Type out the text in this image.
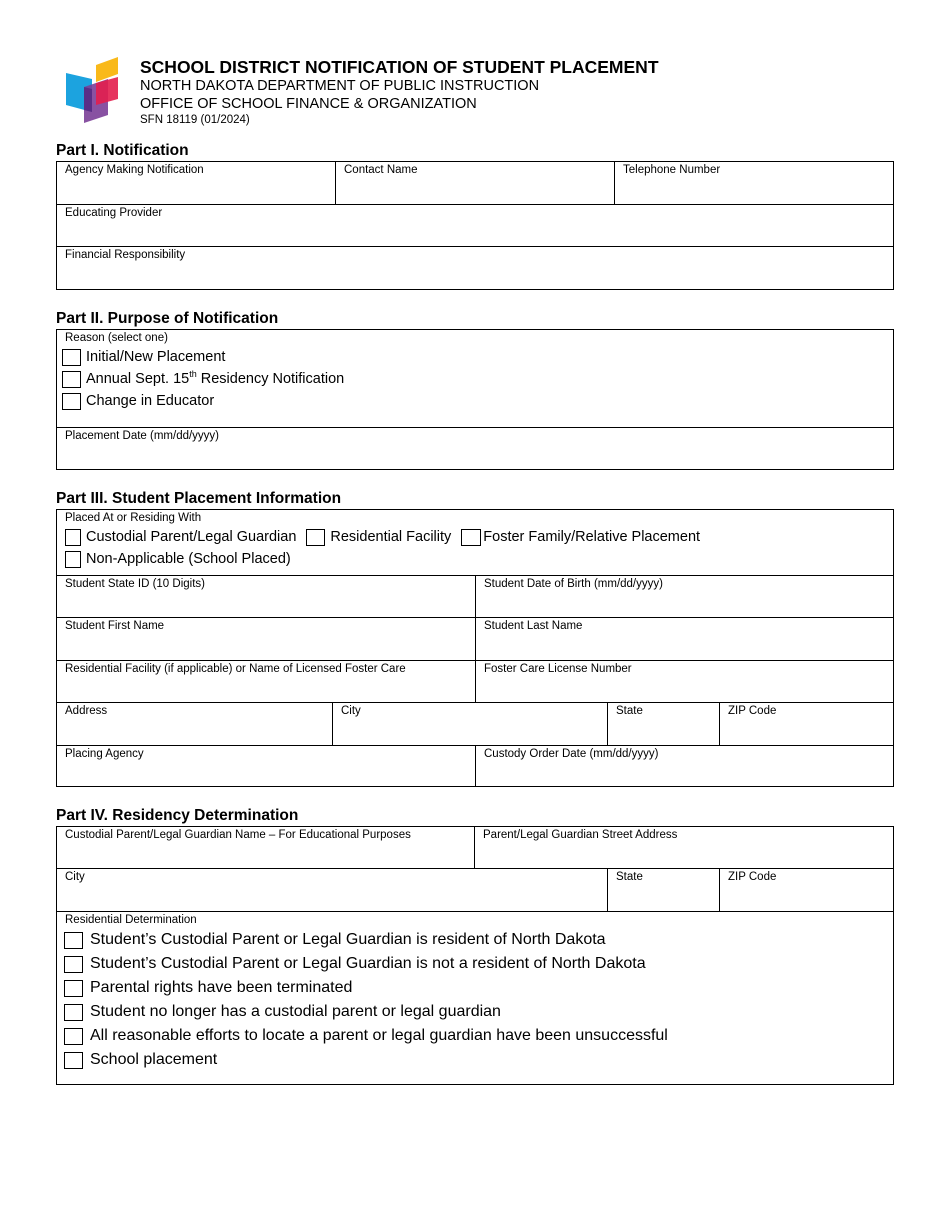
SCHOOL DISTRICT NOTIFICATION OF STUDENT PLACEMENT
NORTH DAKOTA DEPARTMENT OF PUBLIC INSTRUCTION
OFFICE OF SCHOOL FINANCE & ORGANIZATION
SFN 18119 (01/2024)
Part I. Notification
Agency Making Notification	Contact Name	Telephone Number
Educating Provider
Financial Responsibility
Part II. Purpose of Notification
Reason (select one)
Initial/New Placement
Annual Sept. 15th Residency Notification
Change in Educator
Placement Date (mm/dd/yyyy)
Part III. Student Placement Information
Placed At or Residing With
Custodial Parent/Legal Guardian Residential Facility Foster Family/Relative Placement
Non-Applicable (School Placed)
Student State ID (10 Digits)	Student Date of Birth (mm/dd/yyyy)
Student First Name	Student Last Name
Residential Facility (if applicable) or Name of Licensed Foster Care	Foster Care License Number
Address	City	State	ZIP Code
Placing Agency	Custody Order Date (mm/dd/yyyy)
Part IV. Residency Determination
Custodial Parent/Legal Guardian Name – For Educational Purposes	Parent/Legal Guardian Street Address
City	State	ZIP Code
Residential Determination
Student’s Custodial Parent or Legal Guardian is resident of North Dakota
Student’s Custodial Parent or Legal Guardian is not a resident of North Dakota
Parental rights have been terminated
Student no longer has a custodial parent or legal guardian
All reasonable efforts to locate a parent or legal guardian have been unsuccessful
School placement
